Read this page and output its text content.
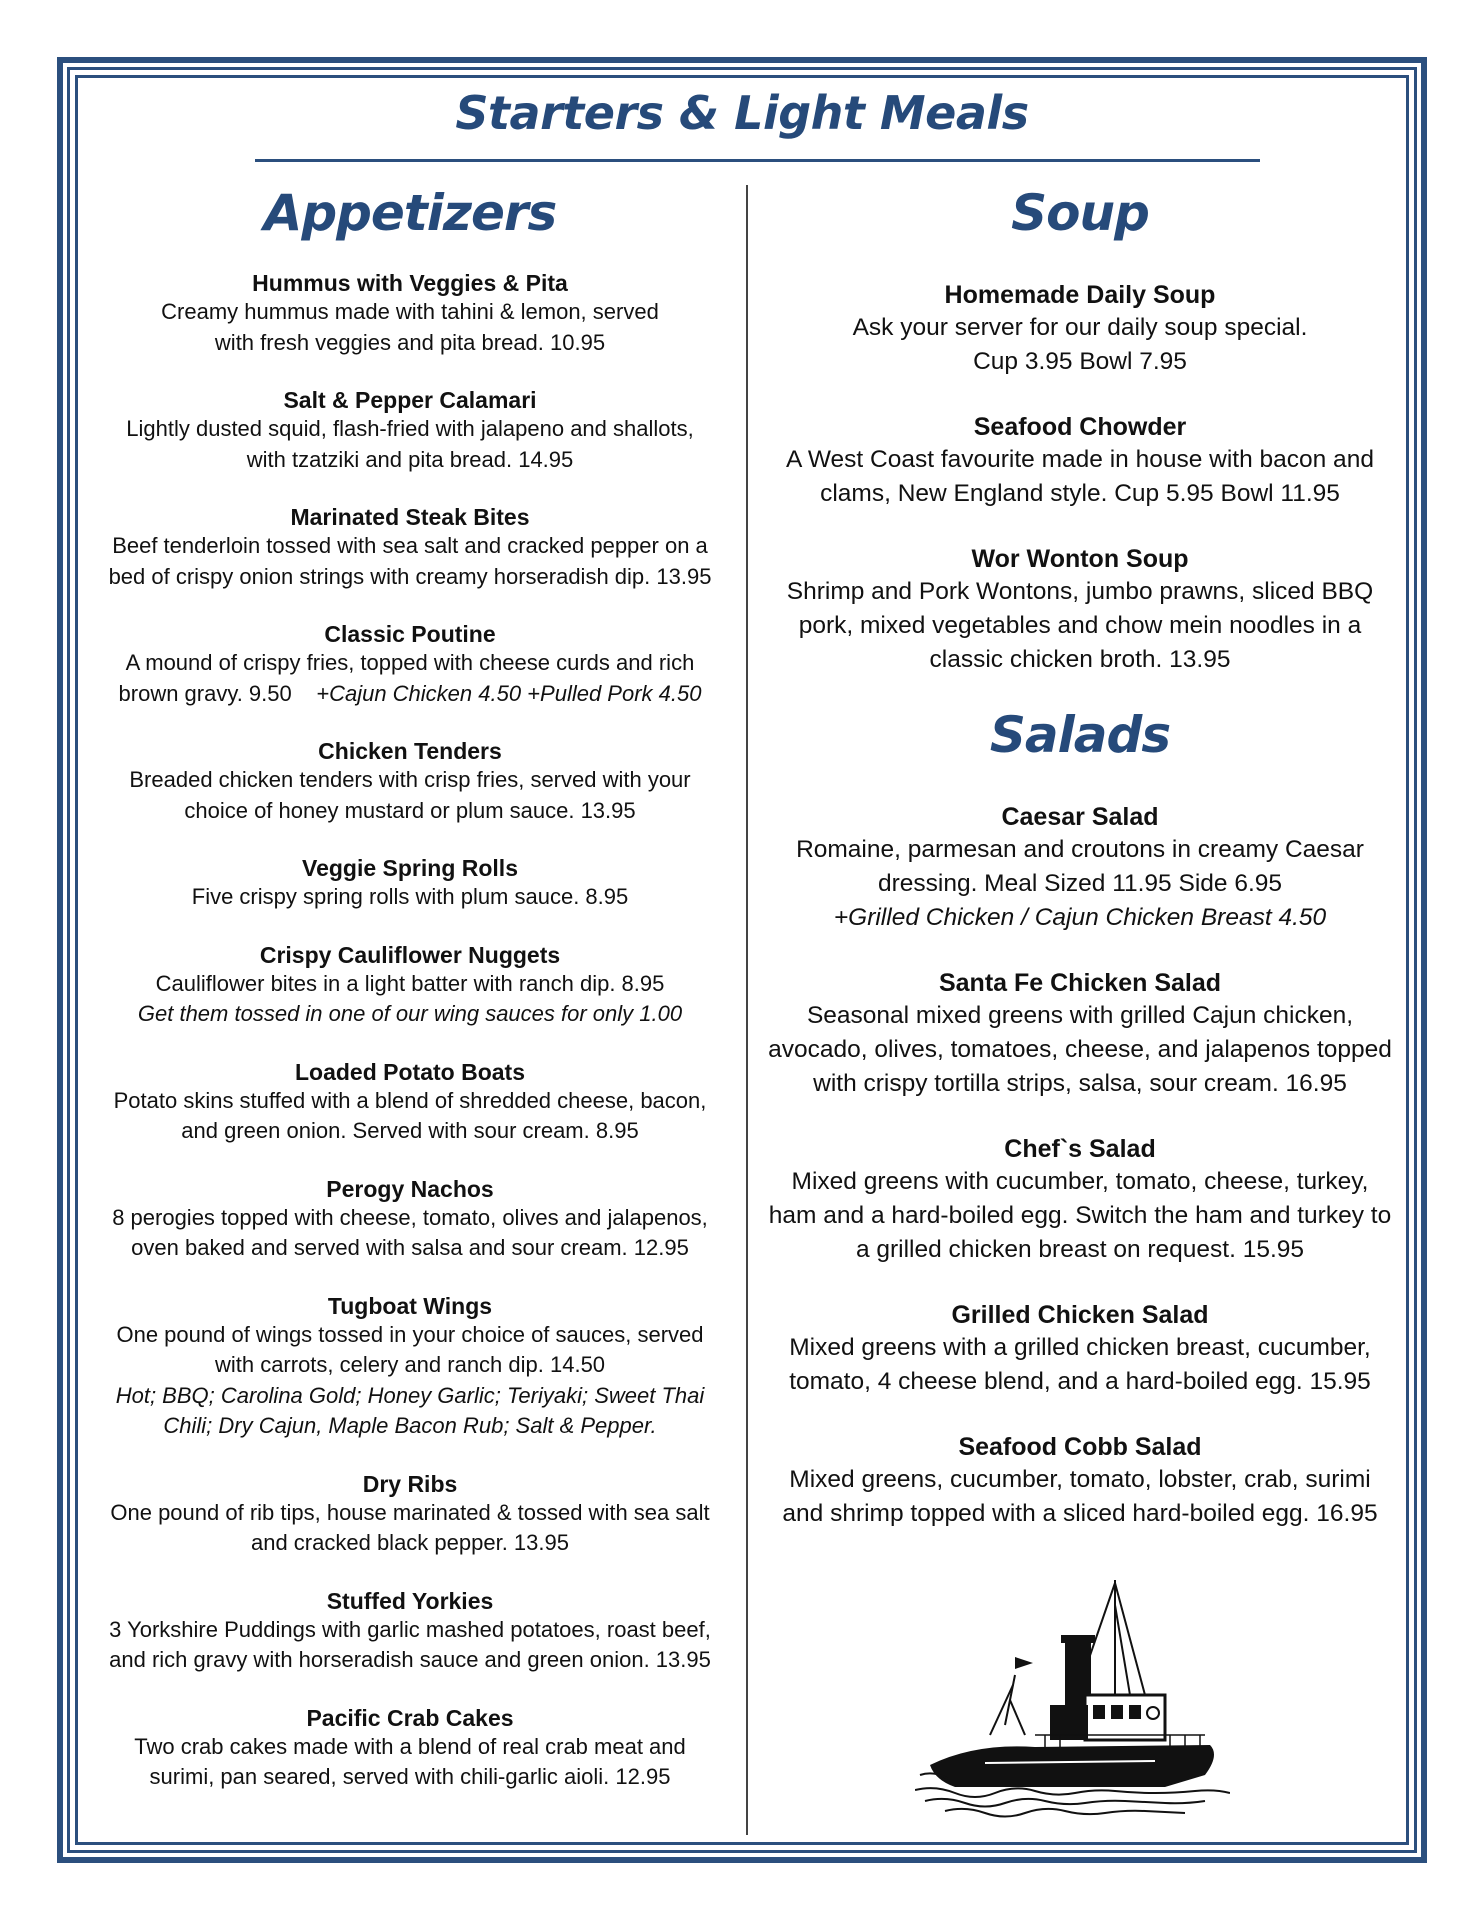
Starters & Light Meals
Appetizers
Hummus with Veggies & Pita
Creamy hummus made with tahini & lemon, served
with fresh veggies and pita bread. 10.95
Salt & Pepper Calamari
Lightly dusted squid, flash-fried with jalapeno and shallots,
with tzatziki and pita bread. 14.95
Marinated Steak Bites
Beef tenderloin tossed with sea salt and cracked pepper on a
bed of crispy onion strings with creamy horseradish dip. 13.95
Classic Poutine
A mound of crispy fries, topped with cheese curds and rich
brown gravy. 9.50 +Cajun Chicken 4.50 +Pulled Pork 4.50
Chicken Tenders
Breaded chicken tenders with crisp fries, served with your
choice of honey mustard or plum sauce. 13.95
Veggie Spring Rolls
Five crispy spring rolls with plum sauce. 8.95
Crispy Cauliflower Nuggets
Cauliflower bites in a light batter with ranch dip. 8.95
Get them tossed in one of our wing sauces for only 1.00
Loaded Potato Boats
Potato skins stuffed with a blend of shredded cheese, bacon,
and green onion. Served with sour cream. 8.95
Perogy Nachos
8 perogies topped with cheese, tomato, olives and jalapenos,
oven baked and served with salsa and sour cream. 12.95
Tugboat Wings
One pound of wings tossed in your choice of sauces, served
with carrots, celery and ranch dip. 14.50
Hot; BBQ; Carolina Gold; Honey Garlic; Teriyaki; Sweet Thai
Chili; Dry Cajun, Maple Bacon Rub; Salt & Pepper.
Dry Ribs
One pound of rib tips, house marinated & tossed with sea salt
and cracked black pepper. 13.95
Stuffed Yorkies
3 Yorkshire Puddings with garlic mashed potatoes, roast beef,
and rich gravy with horseradish sauce and green onion. 13.95
Pacific Crab Cakes
Two crab cakes made with a blend of real crab meat and
surimi, pan seared, served with chili-garlic aioli. 12.95
Soup
Homemade Daily Soup
Ask your server for our daily soup special.
Cup 3.95 Bowl 7.95
Seafood Chowder
A West Coast favourite made in house with bacon and
clams, New England style. Cup 5.95 Bowl 11.95
Wor Wonton Soup
Shrimp and Pork Wontons, jumbo prawns, sliced BBQ
pork, mixed vegetables and chow mein noodles in a
classic chicken broth. 13.95
Salads
Caesar Salad
Romaine, parmesan and croutons in creamy Caesar
dressing. Meal Sized 11.95 Side 6.95
+Grilled Chicken / Cajun Chicken Breast 4.50
Santa Fe Chicken Salad
Seasonal mixed greens with grilled Cajun chicken,
avocado, olives, tomatoes, cheese, and jalapenos topped
with crispy tortilla strips, salsa, sour cream. 16.95
Chef`s Salad
Mixed greens with cucumber, tomato, cheese, turkey,
ham and a hard-boiled egg. Switch the ham and turkey to
a grilled chicken breast on request. 15.95
Grilled Chicken Salad
Mixed greens with a grilled chicken breast, cucumber,
tomato, 4 cheese blend, and a hard-boiled egg. 15.95
Seafood Cobb Salad
Mixed greens, cucumber, tomato, lobster, crab, surimi
and shrimp topped with a sliced hard-boiled egg. 16.95
